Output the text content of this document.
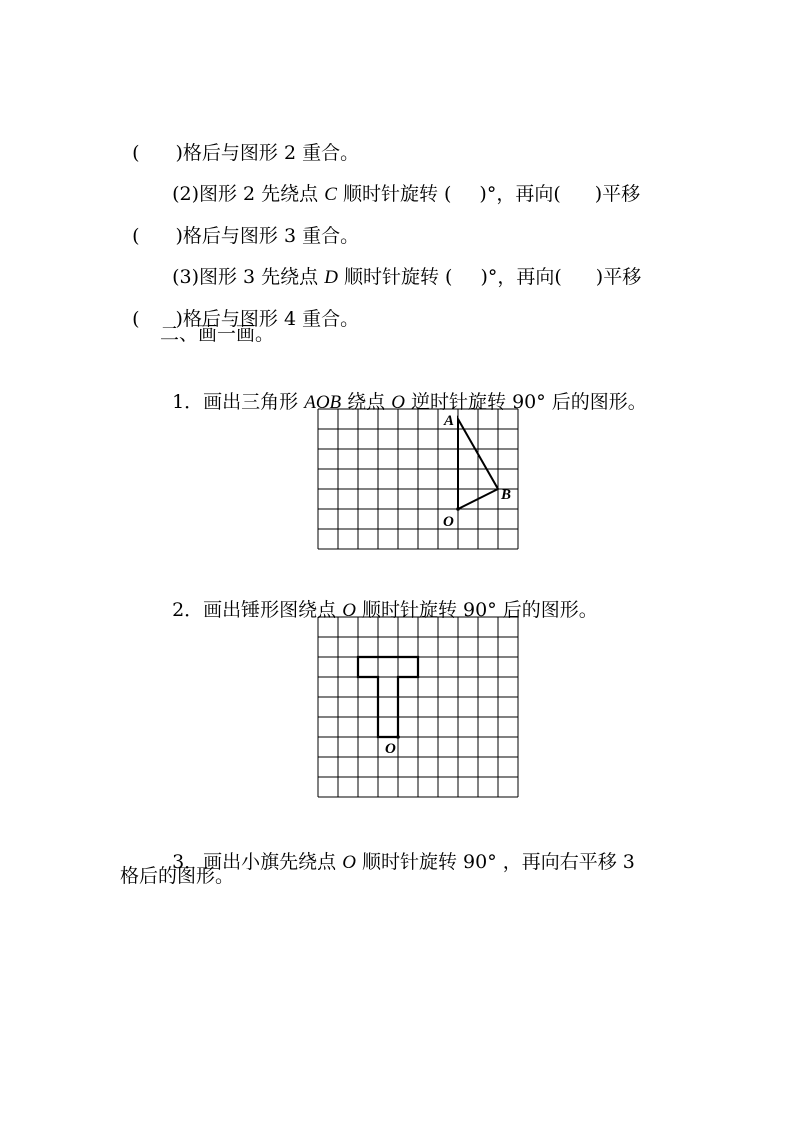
( )格后与图形 2 重合。

(2)图形 2 先绕点 C 顺时针旋转 ( )°，再向( )平移

( )格后与图形 3 重合。

(3)图形 3 先绕点 D 顺时针旋转 ( )°，再向( )平移

( )格后与图形 4 重合。

二、画一画。

1．画出三角形 AOB 绕点 O 逆时针旋转 90° 后的图形。

A
B
O

2．画出锤形图绕点 O 顺时针旋转 90° 后的图形。

O

3．画出小旗先绕点 O 顺时针旋转 90° ，再向右平移 3

格后的图形。
